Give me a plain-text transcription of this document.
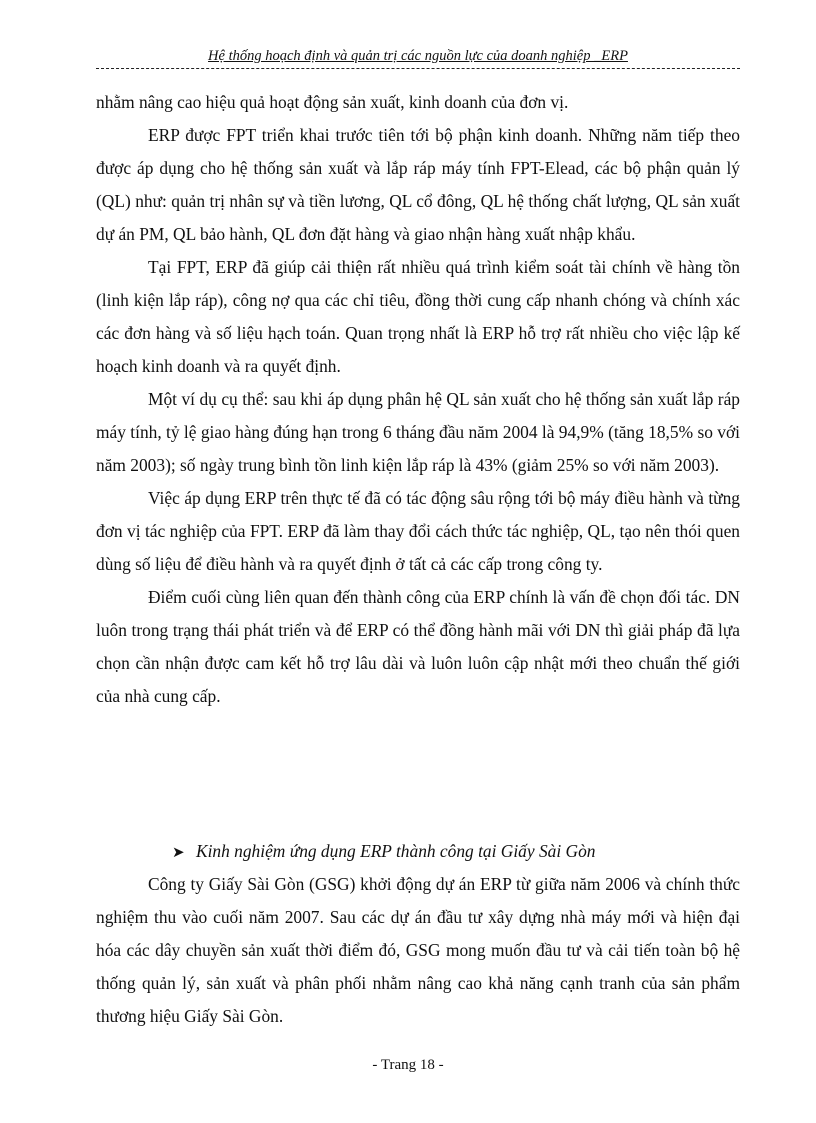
Hệ thống hoạch định và quản trị các nguồn lực của doanh nghiệp _ERP

nhằm nâng cao hiệu quả hoạt động sản xuất, kinh doanh của đơn vị.

ERP được FPT triển khai trước tiên tới bộ phận kinh doanh. Những năm tiếp theo được áp dụng cho hệ thống sản xuất và lắp ráp máy tính FPT-Elead, các bộ phận quản lý (QL) như: quản trị nhân sự và tiền lương, QL cổ đông, QL hệ thống chất lượng, QL sản xuất dự án PM, QL bảo hành, QL đơn đặt hàng và giao nhận hàng xuất nhập khẩu.

Tại FPT, ERP đã giúp cải thiện rất nhiều quá trình kiểm soát tài chính về hàng tồn (linh kiện lắp ráp), công nợ qua các chỉ tiêu, đồng thời cung cấp nhanh chóng và chính xác các đơn hàng và số liệu hạch toán. Quan trọng nhất là ERP hỗ trợ rất nhiều cho việc lập kế hoạch kinh doanh và ra quyết định.

Một ví dụ cụ thể: sau khi áp dụng phân hệ QL sản xuất cho hệ thống sản xuất lắp ráp máy tính, tỷ lệ giao hàng đúng hạn trong 6 tháng đầu năm 2004 là 94,9% (tăng 18,5% so với năm 2003); số ngày trung bình tồn linh kiện lắp ráp là 43% (giảm 25% so với năm 2003).

Việc áp dụng ERP trên thực tế đã có tác động sâu rộng tới bộ máy điều hành và từng đơn vị tác nghiệp của FPT. ERP đã làm thay đổi cách thức tác nghiệp, QL, tạo nên thói quen dùng số liệu để điều hành và ra quyết định ở tất cả các cấp trong công ty.

Điểm cuối cùng liên quan đến thành công của ERP chính là vấn đề chọn đối tác. DN luôn trong trạng thái phát triển và để ERP có thể đồng hành mãi với DN thì giải pháp đã lựa chọn cần nhận được cam kết hỗ trợ lâu dài và luôn luôn cập nhật mới theo chuẩn thế giới của nhà cung cấp.

➤ Kinh nghiệm ứng dụng ERP thành công tại Giấy Sài Gòn

Công ty Giấy Sài Gòn (GSG) khởi động dự án ERP từ giữa năm 2006 và chính thức nghiệm thu vào cuối năm 2007. Sau các dự án đầu tư xây dựng nhà máy mới và hiện đại hóa các dây chuyền sản xuất thời điểm đó, GSG mong muốn đầu tư và cải tiến toàn bộ hệ thống quản lý, sản xuất và phân phối nhằm nâng cao khả năng cạnh tranh của sản phẩm thương hiệu Giấy Sài Gòn.

- Trang 18 -
